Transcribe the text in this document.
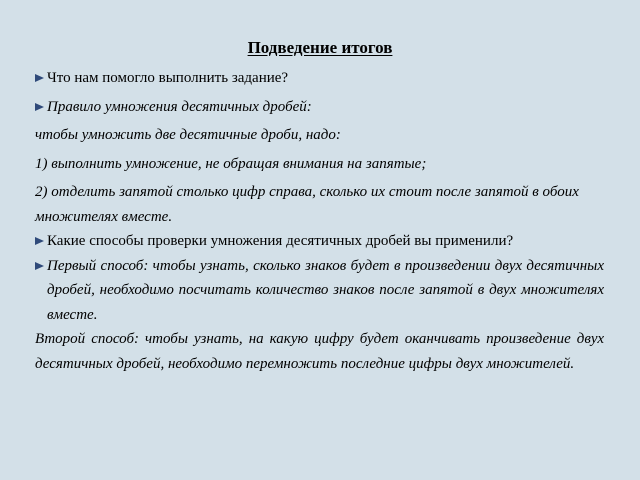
Подведение итогов
Что нам помогло выполнить задание?
Правило умножения десятичных дробей:
чтобы умножить две десятичные дроби, надо:
1) выполнить умножение, не обращая внимания на запятые;
2) отделить запятой столько цифр справа, сколько их стоит после запятой в обоих множителях вместе.
Какие способы проверки умножения десятичных дробей вы применили?
Первый способ: чтобы узнать, сколько знаков будет в произведении двух десятичных дробей, необходимо посчитать количество знаков после запятой в двух множителях вместе.
Второй способ: чтобы узнать, на какую цифру будет оканчивать произведение двух десятичных дробей, необходимо перемножить последние цифры двух множителей.
